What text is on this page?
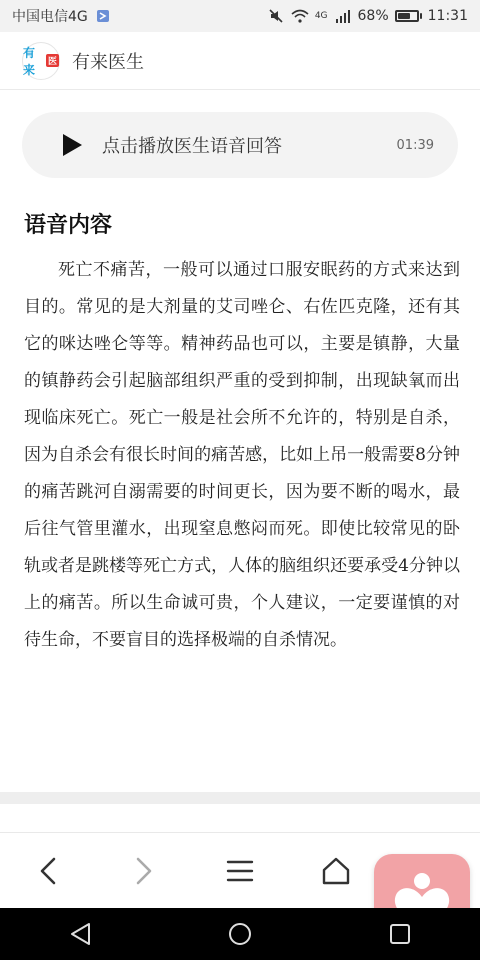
中国电信4G	4G 68%	11:31
有来
医 有来医生
点击播放医生语音回答	01:39
语音内容
死亡不痛苦，一般可以通过口服安眠药的方式来达到目的。常见的是大剂量的艾司唑仑、右佐匹克隆，还有其它的咪达唑仑等等。精神药品也可以，主要是镇静，大量的镇静药会引起脑部组织严重的受到抑制，出现缺氧而出现临床死亡。死亡一般是社会所不允许的，特别是自杀，因为自杀会有很长时间的痛苦感，比如上吊一般需要8分钟的痛苦跳河自溺需要的时间更长，因为要不断的喝水，最后往气管里灌水，出现窒息憋闷而死。即使比较常见的卧轨或者是跳楼等死亡方式，人体的脑组织还要承受4分钟以上的痛苦。所以生命诚可贵，个人建议，一定要谨慎的对待生命，不要盲目的选择极端的自杀情况。
